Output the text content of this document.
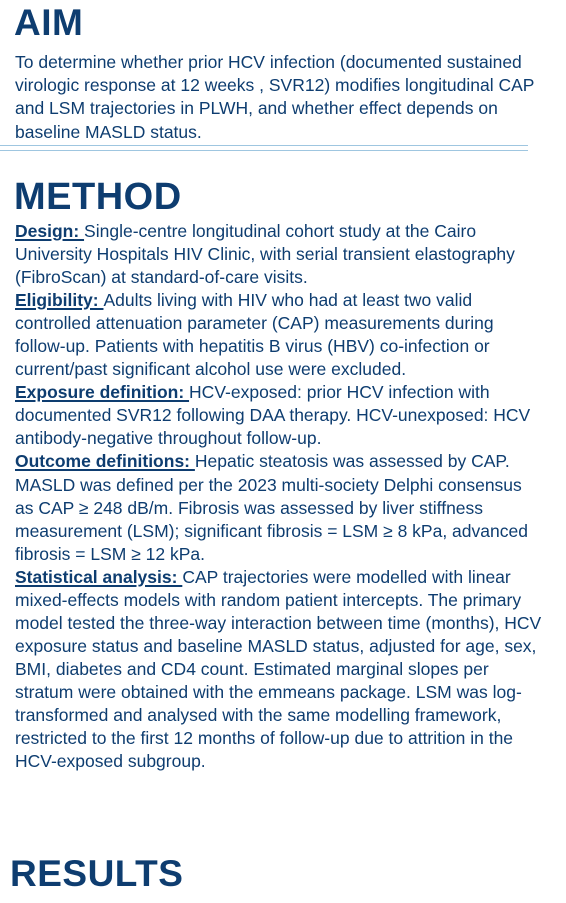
AIM

To determine whether prior HCV infection (documented sustained virologic response at 12 weeks , SVR12) modifies longitudinal CAP and LSM trajectories in PLWH, and whether effect depends on baseline MASLD status.

METHOD

Design: Single-centre longitudinal cohort study at the Cairo University Hospitals HIV Clinic, with serial transient elastography (FibroScan) at standard-of-care visits.
Eligibility: Adults living with HIV who had at least two valid controlled attenuation parameter (CAP) measurements during follow-up. Patients with hepatitis B virus (HBV) co-infection or current/past significant alcohol use were excluded.
Exposure definition: HCV-exposed: prior HCV infection with documented SVR12 following DAA therapy. HCV-unexposed: HCV antibody-negative throughout follow-up.
Outcome definitions: Hepatic steatosis was assessed by CAP. MASLD was defined per the 2023 multi-society Delphi consensus as CAP ≥ 248 dB/m. Fibrosis was assessed by liver stiffness measurement (LSM); significant fibrosis = LSM ≥ 8 kPa, advanced fibrosis = LSM ≥ 12 kPa.
Statistical analysis: CAP trajectories were modelled with linear mixed-effects models with random patient intercepts. The primary model tested the three-way interaction between time (months), HCV exposure status and baseline MASLD status, adjusted for age, sex, BMI, diabetes and CD4 count. Estimated marginal slopes per stratum were obtained with the emmeans package. LSM was log-transformed and analysed with the same modelling framework, restricted to the first 12 months of follow-up due to attrition in the HCV-exposed subgroup.

RESULTS
